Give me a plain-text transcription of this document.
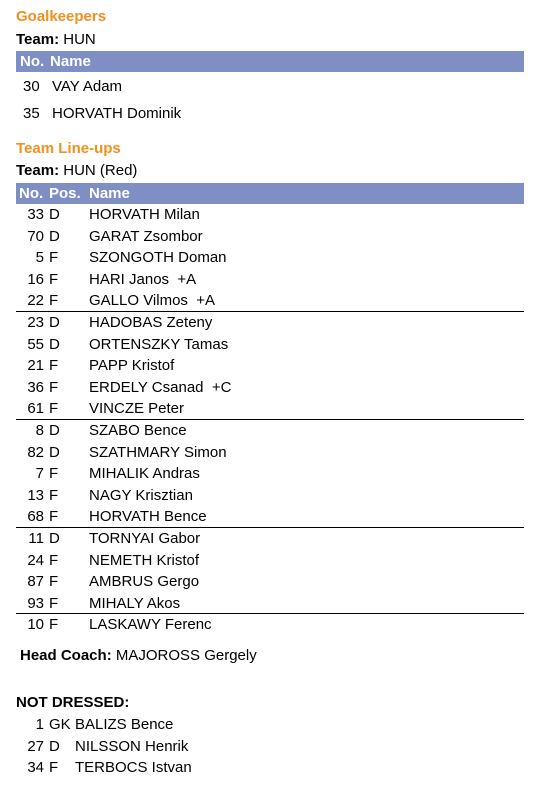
Goalkeepers
Team: HUN
No. Name
30 VAY Adam
35 HORVATH Dominik
Team Line-ups
Team: HUN (Red)
No. Pos. Name
33 D HORVATH Milan
70 D GARAT Zsombor
5 F SZONGOTH Doman
16 F HARI Janos  +A
22 F GALLO Vilmos  +A
23 D HADOBAS Zeteny
55 D ORTENSZKY Tamas
21 F PAPP Kristof
36 F ERDELY Csanad  +C
61 F VINCZE Peter
8 D SZABO Bence
82 D SZATHMARY Simon
7 F MIHALIK Andras
13 F NAGY Krisztian
68 F HORVATH Bence
11 D TORNYAI Gabor
24 F NEMETH Kristof
87 F AMBRUS Gergo
93 F MIHALY Akos
10 F LASKAWY Ferenc
Head Coach: MAJOROSS Gergely
NOT DRESSED:
1 GK BALIZS Bence
27 D NILSSON Henrik
34 F TERBOCS Istvan
